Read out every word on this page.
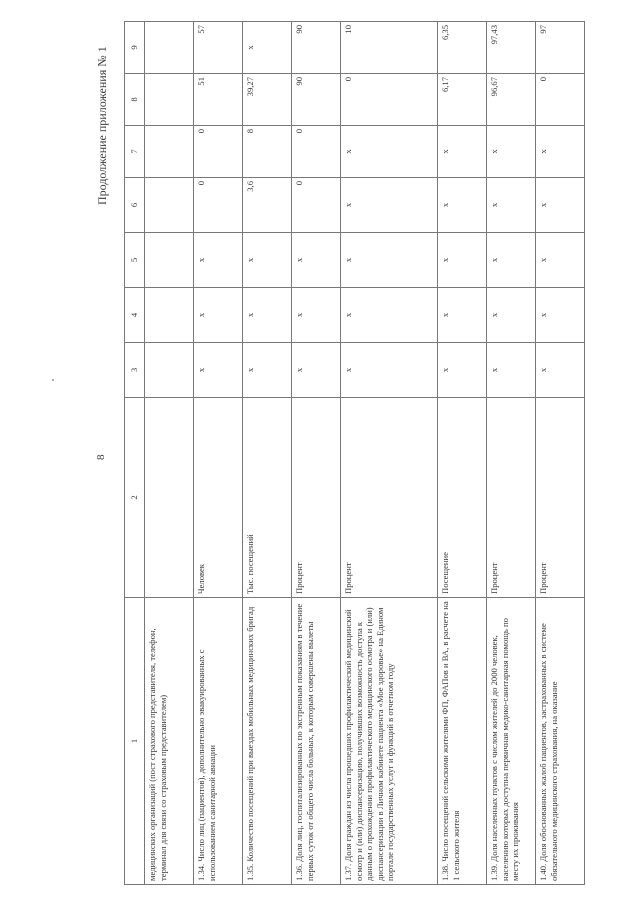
8
Продолжение приложения № 1
1	2	3	4	5	6	7	8	9
медицинских организаций (пост страхового представителя, телефон, терминал для связи со страховым представителем)								
1.34. Число лиц (пациентов), дополнительно эвакуированных с использованием санитарной авиации	Человек	x	x	x	0	0	51	57
1.35. Количество посещений при выездах мобильных медицинских бригад	Тыс. посещений	x	x	x	3,6	8	39,27	x
1.36. Доля лиц, госпитализированных по экстренным показаниям в течение первых суток от общего числа больных, к которым совершены вылеты	Процент	x	x	x	0	0	90	90
1.37. Доля граждан из числа прошедших профилактический медицинский осмотр и (или) диспансеризацию, получивших возможность доступа к данным о прохождении профилактического медицинского осмотра и (или) диспансеризации в Личном кабинете пациента «Мое здоровье» на Едином портале государственных услуг и функций в отчетном году	Процент	x	x	x	x	x	0	10
1.38. Число посещений сельскими жителями ФП, ФАПов и ВА, в расчете на 1 сельского жителя	Посещение	x	x	x	x	x	6,17	6,35
1.39. Доля населенных пунктов с числом жителей до 2000 человек, населению которых доступна первичная медико-санитарная помощь по месту их проживания	Процент	x	x	x	x	x	96,67	97,43
1.40. Доля обоснованных жалоб пациентов, застрахованных в системе обязательного медицинского страхования, на оказание	Процент	x	x	x	x	x	0	97
